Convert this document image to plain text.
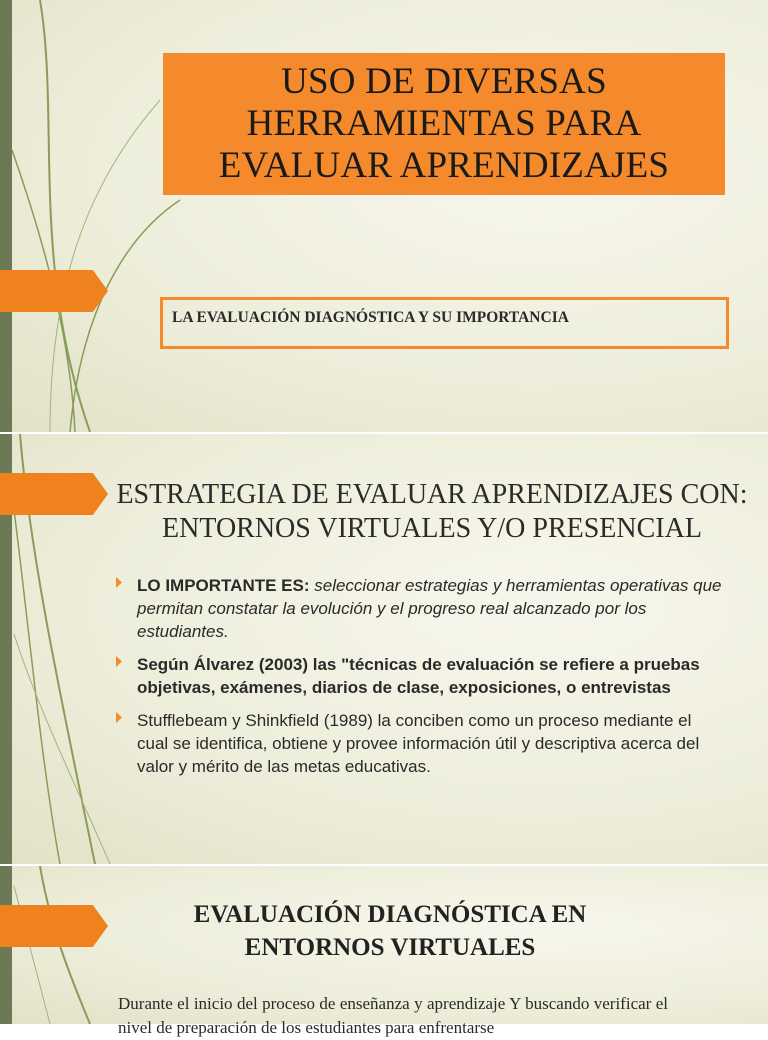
USO DE DIVERSAS HERRAMIENTAS PARA EVALUAR APRENDIZAJES
LA EVALUACIÓN DIAGNÓSTICA Y SU IMPORTANCIA
ESTRATEGIA DE EVALUAR APRENDIZAJES CON: ENTORNOS VIRTUALES Y/O PRESENCIAL
LO IMPORTANTE ES: seleccionar estrategias y herramientas operativas que permitan constatar la evolución y el progreso real alcanzado por los estudiantes.
Según Álvarez (2003) las "técnicas de evaluación se refiere a pruebas objetivas, exámenes, diarios de clase, exposiciones, o entrevistas
Stufflebeam y Shinkfield (1989) la conciben como un proceso mediante el cual se identifica, obtiene y provee información útil y descriptiva acerca del valor y mérito de las metas educativas.
EVALUACIÓN DIAGNÓSTICA EN ENTORNOS VIRTUALES
Durante el inicio del proceso de enseñanza y aprendizaje Y buscando verificar el nivel de preparación de los estudiantes para enfrentarse
